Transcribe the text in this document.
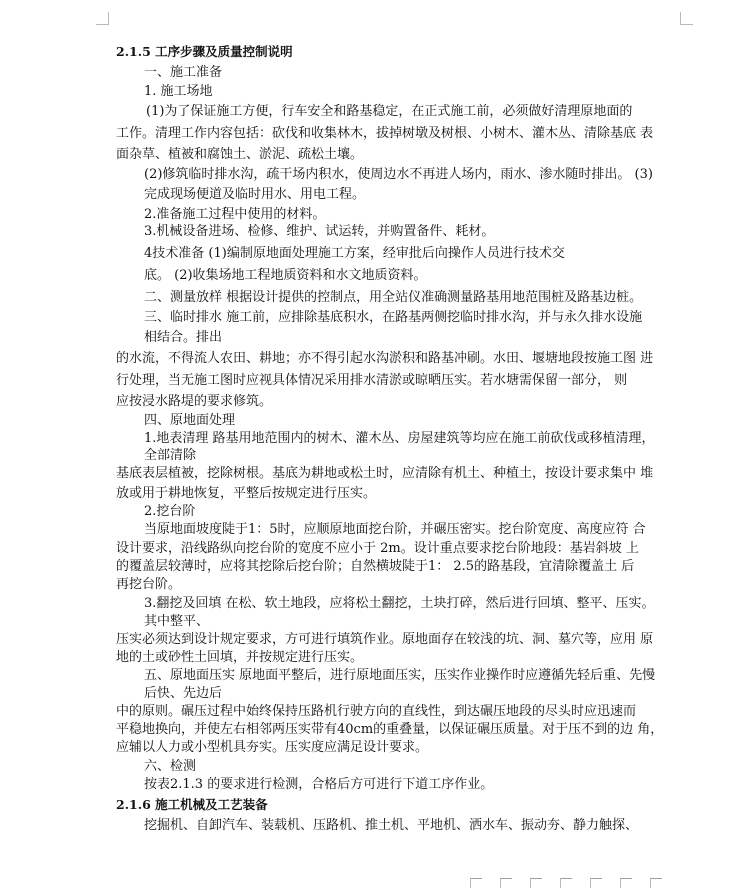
2.1.5 工序步骤及质量控制说明
一、施工准备
1. 施工场地
(1)为了保证施工方便，行车安全和路基稳定，在正式施工前，必须做好清理原地面的
工作。清理工作内容包括：砍伐和收集林木，拔掉树墩及树根、小树木、灌木丛、清除基底 表
面杂草、植被和腐蚀土、淤泥、疏松土壤。
(2)修筑临时排水沟，疏干场内积水，使周边水不再进人场内，雨水、渗水随时排出。 (3)
完成现场便道及临时用水、用电工程。
2.准备施工过程中使用的材料。
3.机械设备进场、检修、维护、试运转，并购置备件、耗材。
4技术准备 (1)编制原地面处理施工方案，经审批后向操作人员进行技术交
底。 (2)收集场地工程地质资料和水文地质资料。
二、测量放样 根据设计提供的控制点，用全站仪准确测量路基用地范围桩及路基边桩。
三、临时排水 施工前，应排除基底积水，在路基两侧挖临时排水沟，并与永久排水设施
相结合。排出
的水流，不得流人农田、耕地；亦不得引起水沟淤积和路基冲刷。水田、堰塘地段按施工图 进
行处理，当无施工图时应视具体情况采用排水清淤或晾晒压实。若水塘需保留一部分， 则
应按浸水路堤的要求修筑。
四、原地面处理
1.地表清理 路基用地范围内的树木、灌木丛、房屋建筑等均应在施工前砍伐或移植清理，
全部清除
基底表层植被，挖除树根。基底为耕地或松土时，应清除有机土、种植土，按设计要求集中 堆
放或用于耕地恢复，平整后按规定进行压实。
2.挖台阶
当原地面坡度陡于1：5时，应顺原地面挖台阶，并碾压密实。挖台阶宽度、高度应符 合
设计要求，沿线路纵向挖台阶的宽度不应小于 2m。设计重点要求挖台阶地段：基岩斜坡 上
的覆盖层较薄时，应将其挖除后挖台阶；自然横坡陡于1： 2.5的路基段，宜清除覆盖土 后
再挖台阶。
3.翻挖及回填 在松、软土地段，应将松土翻挖，土块打碎，然后进行回填、整平、压实。
其中整平、
压实必须达到设计规定要求，方可进行填筑作业。原地面存在较浅的坑、洞、墓穴等，应用 原
地的土或砂性土回填，并按规定进行压实。
五、原地面压实 原地面平整后，进行原地面压实，压实作业操作时应遵循先轻后重、先慢
后快、先边后
中的原则。碾压过程中始终保持压路机行驶方向的直线性，到达碾压地段的尽头时应迅速而
平稳地换向，并使左右相邻两压实带有40cm的重叠量，以保证碾压质量。对于压不到的边 角，
应辅以人力或小型机具夯实。压实度应满足设计要求。
六、检测
按表2.1.3 的要求进行检测，合格后方可进行下道工序作业。
2.1.6 施工机械及工艺装备
挖掘机、自卸汽车、装载机、压路机、推土机、平地机、洒水车、振动夯、静力触探、
